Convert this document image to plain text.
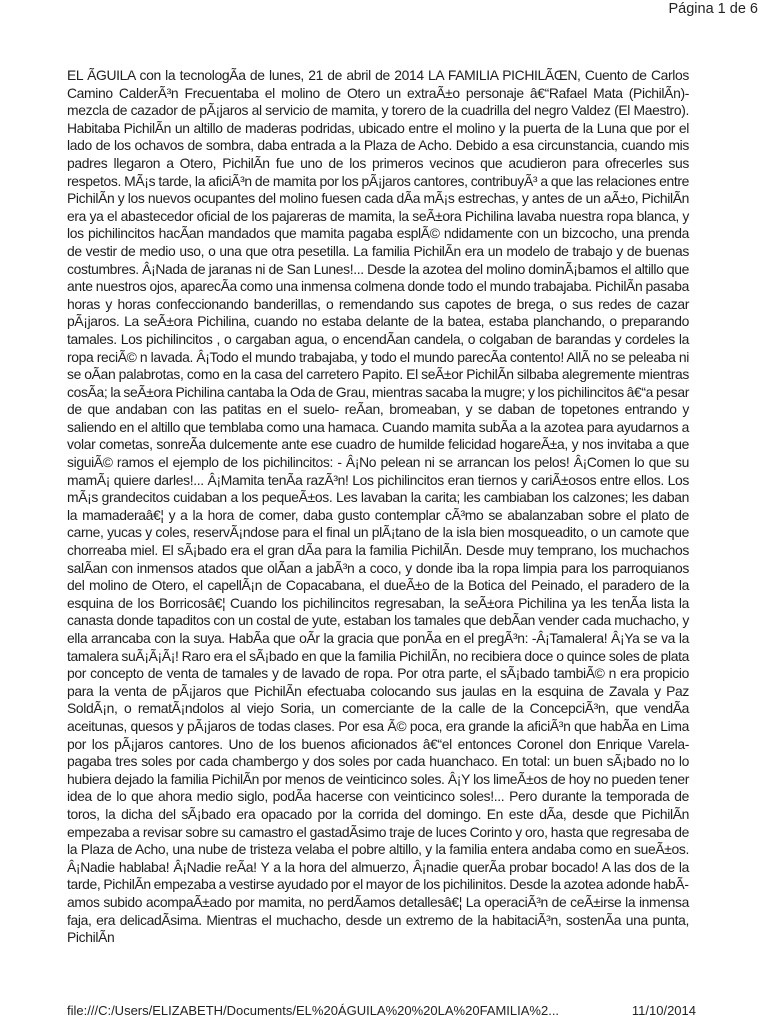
Página 1 de 6

EL ÃGUILA con la tecnologÃa de lunes, 21 de abril de 2014 LA FAMILIA PICHILÃŒN, Cuento de Carlos Camino CalderÃ³n Frecuentaba el molino de Otero un extraÃ±o personaje â€“Rafael Mata (PichilÃn)- mezcla de cazador de pÃ¡jaros al servicio de mamita, y torero de la cuadrilla del negro Valdez (El Maestro). Habitaba PichilÃn un altillo de maderas podridas, ubicado entre el molino y la puerta de la Luna que por el lado de los ochavos de sombra, daba entrada a la Plaza de Acho. Debido a esa circunstancia, cuando mis padres llegaron a Otero, PichilÃn fue uno de los primeros vecinos que acudieron para ofrecerles sus respetos. MÃ¡s tarde, la aficiÃ³n de mamita por los pÃ¡jaros cantores, contribuyÃ³ a que las relaciones entre PichilÃn y los nuevos ocupantes del molino fuesen cada dÃa mÃ¡s estrechas, y antes de un aÃ±o, PichilÃn era ya el abastecedor oficial de los pajareras de mamita, la seÃ±ora Pichilina lavaba nuestra ropa blanca, y los pichilincitos hacÃan mandados que mamita pagaba esplÃ© ndidamente con un bizcocho, una prenda de vestir de medio uso, o una que otra pesetilla. La familia PichilÃn era un modelo de trabajo y de buenas costumbres. Â¡Nada de jaranas ni de San Lunes!... Desde la azotea del molino dominÃ¡bamos el altillo que ante nuestros ojos, aparecÃa como una inmensa colmena donde todo el mundo trabajaba. PichilÃn pasaba horas y horas confeccionando banderillas, o remendando sus capotes de brega, o sus redes de cazar pÃ¡jaros. La seÃ±ora Pichilina, cuando no estaba delante de la batea, estaba planchando, o preparando tamales. Los pichilincitos , o cargaban agua, o encendÃan candela, o colgaban de barandas y cordeles la ropa reciÃ© n lavada. Â¡Todo el mundo trabajaba, y todo el mundo parecÃa contento! AllÃ no se peleaba ni se oÃan palabrotas, como en la casa del carretero Papito. El seÃ±or PichilÃn silbaba alegremente mientras cosÃa; la seÃ±ora Pichilina cantaba la Oda de Grau, mientras sacaba la mugre; y los pichilincitos â€“a pesar de que andaban con las patitas en el suelo- reÃan, bromeaban, y se daban de topetones entrando y saliendo en el altillo que temblaba como una hamaca. Cuando mamita subÃa a la azotea para ayudarnos a volar cometas, sonreÃa dulcemente ante ese cuadro de humilde felicidad hogareÃ±a, y nos invitaba a que siguiÃ© ramos el ejemplo de los pichilincitos: - Â¡No pelean ni se arrancan los pelos! Â¡Comen lo que su mamÃ¡ quiere darles!... Â¡Mamita tenÃa razÃ³n! Los pichilincitos eran tiernos y cariÃ±osos entre ellos. Los mÃ¡s grandecitos cuidaban a los pequeÃ±os. Les lavaban la carita; les cambiaban los calzones; les daban la mamaderaâ€¦ y a la hora de comer, daba gusto contemplar cÃ³mo se abalanzaban sobre el plato de carne, yucas y coles, reservÃ¡ndose para el final un plÃ¡tano de la isla bien mosqueadito, o un camote que chorreaba miel. El sÃ¡bado era el gran dÃa para la familia PichilÃn. Desde muy temprano, los muchachos salÃan con inmensos atados que olÃan a jabÃ³n a coco, y donde iba la ropa limpia para los parroquianos del molino de Otero, el capellÃ¡n de Copacabana, el dueÃ±o de la Botica del Peinado, el paradero de la esquina de los Borricosâ€¦ Cuando los pichilincitos regresaban, la seÃ±ora Pichilina ya les tenÃa lista la canasta donde tapaditos con un costal de yute, estaban los tamales que debÃan vender cada muchacho, y ella arrancaba con la suya. HabÃa que oÃr la gracia que ponÃa en el pregÃ³n: -Â¡Tamalera! Â¡Ya se va la tamalera suÃ¡Ã¡Ã¡! Raro era el sÃ¡bado en que la familia PichilÃn, no recibiera doce o quince soles de plata por concepto de venta de tamales y de lavado de ropa. Por otra parte, el sÃ¡bado tambiÃ© n era propicio para la venta de pÃ¡jaros que PichilÃn efectuaba colocando sus jaulas en la esquina de Zavala y Paz SoldÃ¡n, o rematÃ¡ndolos al viejo Soria, un comerciante de la calle de la ConcepciÃ³n, que vendÃa aceitunas, quesos y pÃ¡jaros de todas clases. Por esa Ã© poca, era grande la aficiÃ³n que habÃa en Lima por los pÃ¡jaros cantores. Uno de los buenos aficionados â€“el entonces Coronel don Enrique Varela- pagaba tres soles por cada chambergo y dos soles por cada huanchaco. En total: un buen sÃ¡bado no lo hubiera dejado la familia PichilÃn por menos de veinticinco soles. Â¡Y los limeÃ±os de hoy no pueden tener idea de lo que ahora medio siglo, podÃa hacerse con veinticinco soles!... Pero durante la temporada de toros, la dicha del sÃ¡bado era opacado por la corrida del domingo. En este dÃa, desde que PichilÃn empezaba a revisar sobre su camastro el gastadÃsimo traje de luces Corinto y oro, hasta que regresaba de la Plaza de Acho, una nube de tristeza velaba el pobre altillo, y la familia entera andaba como en sueÃ±os. Â¡Nadie hablaba! Â¡Nadie reÃa! Y a la hora del almuerzo, Â¡nadie querÃa probar bocado! A las dos de la tarde, PichilÃn empezaba a vestirse ayudado por el mayor de los pichilinitos. Desde la azotea adonde habÃamos subido acompaÃ±ado por mamita, no perdÃamos detallesâ€¦ La operaciÃ³n de ceÃ±irse la inmensa faja, era delicadÃsima. Mientras el muchacho, desde un extremo de la habitaciÃ³n, sostenÃa una punta, PichilÃn

file:///C:/Users/ELIZABETH/Documents/EL%20ÁGUILA%20%20LA%20FAMILIA%2...	11/10/2014
